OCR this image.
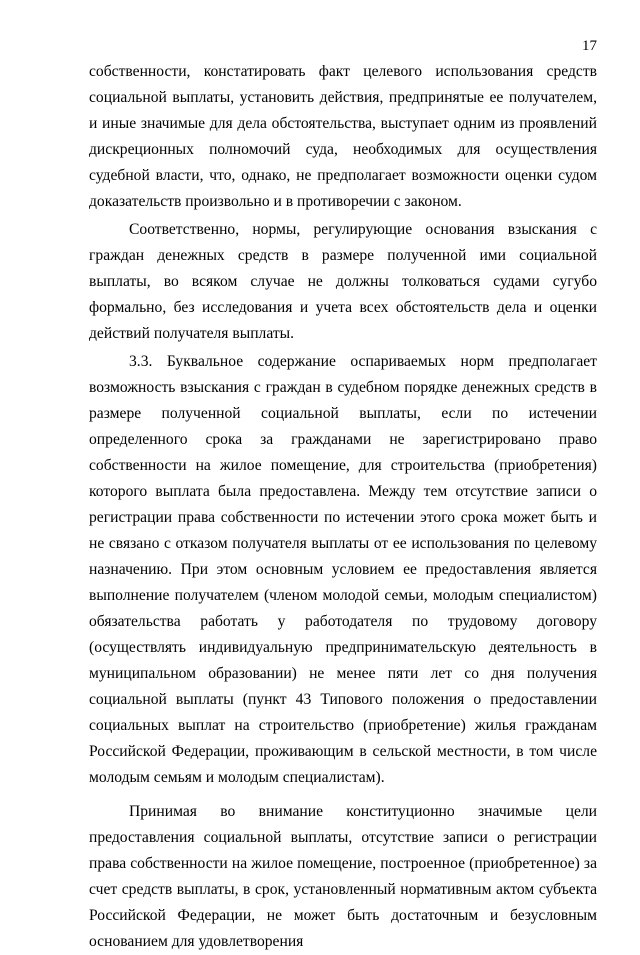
17

собственности, констатировать факт целевого использования средств социальной выплаты, установить действия, предпринятые ее получателем, и иные значимые для дела обстоятельства, выступает одним из проявлений дискреционных полномочий суда, необходимых для осуществления судебной власти, что, однако, не предполагает возможности оценки судом доказательств произвольно и в противоречии с законом.

Соответственно, нормы, регулирующие основания взыскания с граждан денежных средств в размере полученной ими социальной выплаты, во всяком случае не должны толковаться судами сугубо формально, без исследования и учета всех обстоятельств дела и оценки действий получателя выплаты.

3.3. Буквальное содержание оспариваемых норм предполагает возможность взыскания с граждан в судебном порядке денежных средств в размере полученной социальной выплаты, если по истечении определенного срока за гражданами не зарегистрировано право собственности на жилое помещение, для строительства (приобретения) которого выплата была предоставлена. Между тем отсутствие записи о регистрации права собственности по истечении этого срока может быть и не связано с отказом получателя выплаты от ее использования по целевому назначению. При этом основным условием ее предоставления является выполнение получателем (членом молодой семьи, молодым специалистом) обязательства работать у работодателя по трудовому договору (осуществлять индивидуальную предпринимательскую деятельность в муниципальном образовании) не менее пяти лет со дня получения социальной выплаты (пункт 43 Типового положения о предоставлении социальных выплат на строительство (приобретение) жилья гражданам Российской Федерации, проживающим в сельской местности, в том числе молодым семьям и молодым специалистам).

Принимая во внимание конституционно значимые цели предоставления социальной выплаты, отсутствие записи о регистрации права собственности на жилое помещение, построенное (приобретенное) за счет средств выплаты, в срок, установленный нормативным актом субъекта Российской Федерации, не может быть достаточным и безусловным основанием для удовлетворения
